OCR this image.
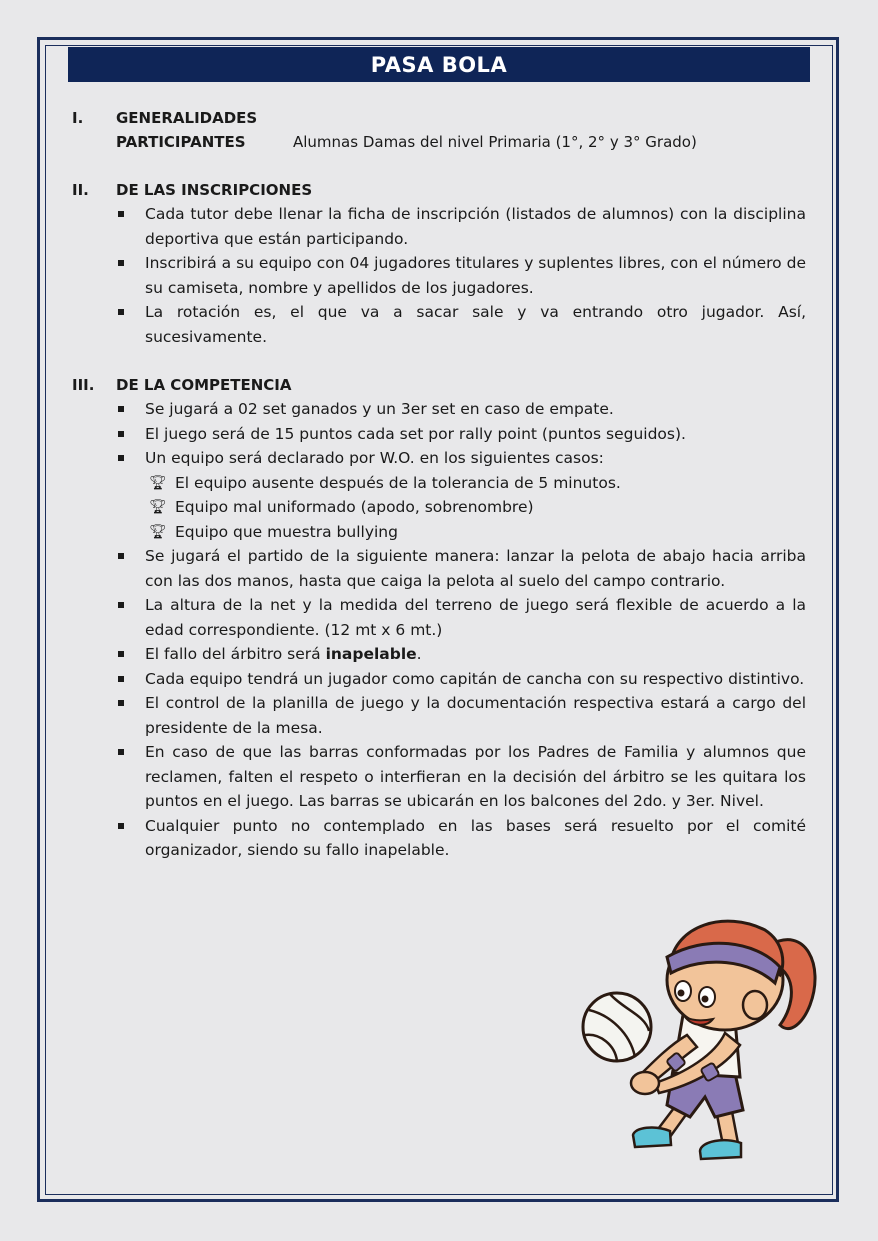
PASA BOLA
I. GENERALIDADES
PARTICIPANTES	Alumnas Damas del nivel Primaria (1°, 2° y 3° Grado)
II. DE LAS INSCRIPCIONES
Cada tutor debe llenar la ficha de inscripción (listados de alumnos) con la disciplina deportiva que están participando.
Inscribirá a su equipo con 04 jugadores titulares y suplentes libres, con el número de su camiseta, nombre y apellidos de los jugadores.
La rotación es, el que va a sacar sale y va entrando otro jugador. Así, sucesivamente.
III. DE LA COMPETENCIA
Se jugará a 02 set ganados y un 3er set en caso de empate.
El juego será de 15 puntos cada set por rally point (puntos seguidos).
Un equipo será declarado por W.O. en los siguientes casos:
🏆︎ El equipo ausente después de la tolerancia de 5 minutos.
🏆︎ Equipo mal uniformado (apodo, sobrenombre)
🏆︎ Equipo que muestra bullying
Se jugará el partido de la siguiente manera: lanzar la pelota de abajo hacia arriba con las dos manos, hasta que caiga la pelota al suelo del campo contrario.
La altura de la net y la medida del terreno de juego será flexible de acuerdo a la edad correspondiente. (12 mt x 6 mt.)
El fallo del árbitro será inapelable.
Cada equipo tendrá un jugador como capitán de cancha con su respectivo distintivo.
El control de la planilla de juego y la documentación respectiva estará a cargo del presidente de la mesa.
En caso de que las barras conformadas por los Padres de Familia y alumnos que reclamen, falten el respeto o interfieran en la decisión del árbitro se les quitara los puntos en el juego. Las barras se ubicarán en los balcones del 2do. y 3er. Nivel.
Cualquier punto no contemplado en las bases será resuelto por el comité organizador, siendo su fallo inapelable.
